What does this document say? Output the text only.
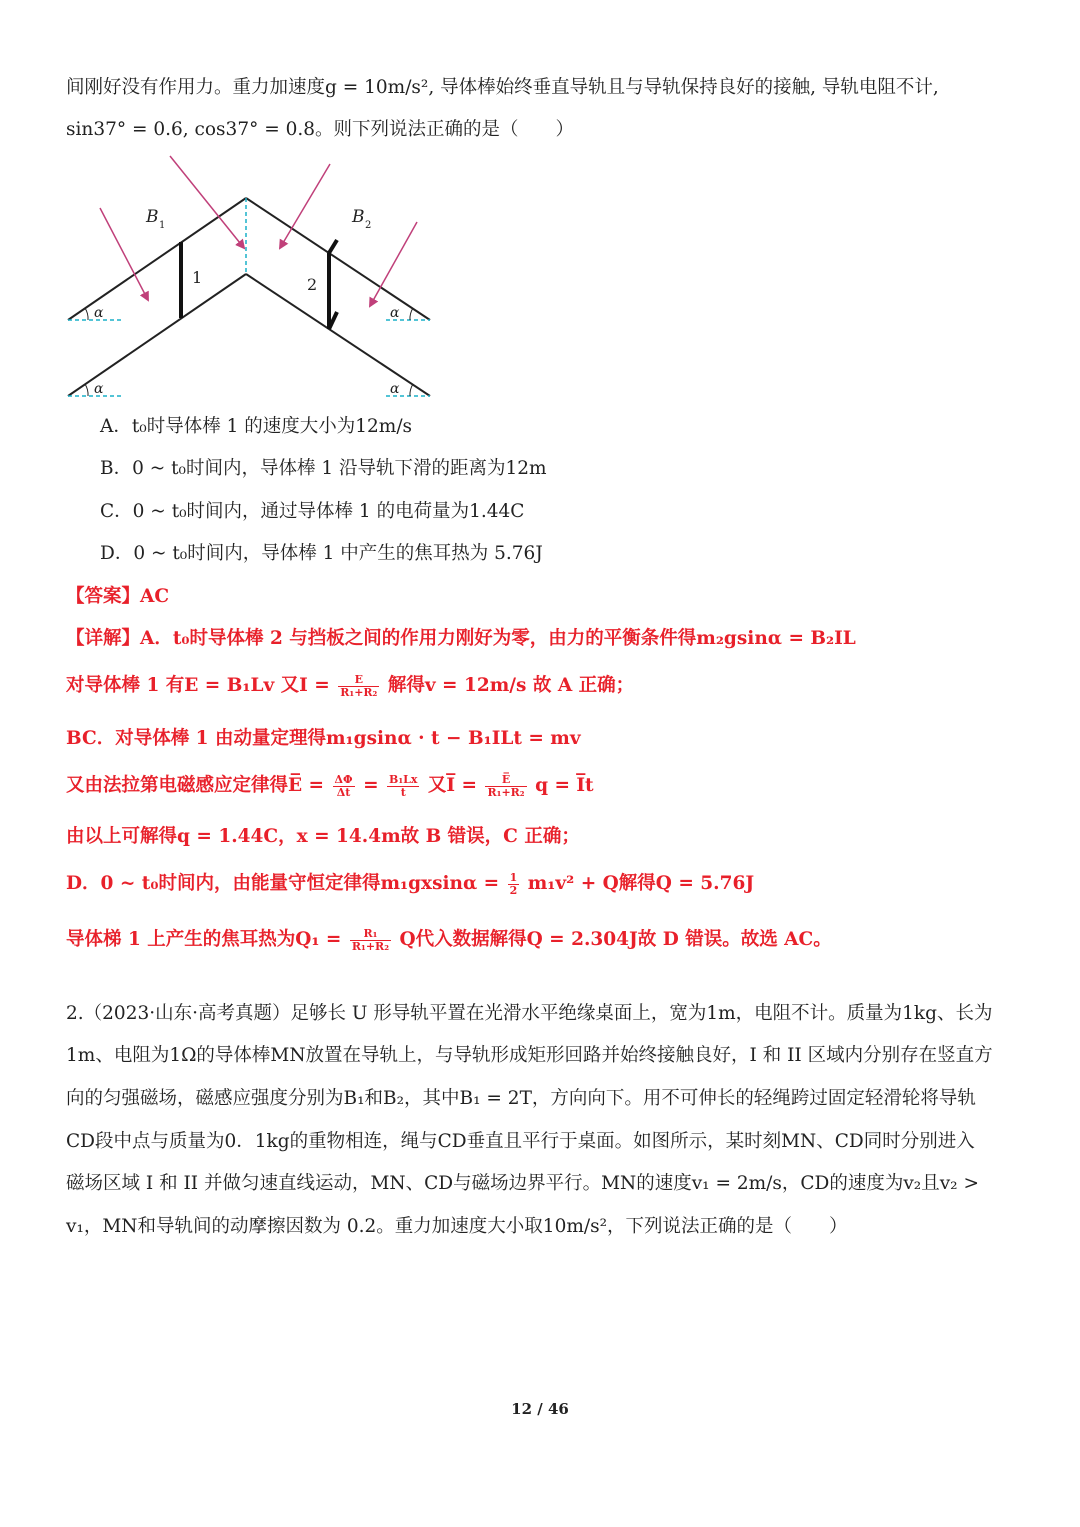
间刚好没有作用力。重力加速度g = 10m/s², 导体棒始终垂直导轨且与导轨保持良好的接触, 导轨电阻不计,
sin37° = 0.6, cos37° = 0.8。则下列说法正确的是（　　）
α	α
α	α
1	2
B 1	B 2
A．t₀时导体棒 1 的速度大小为12m/s
B．0 ~ t₀时间内，导体棒 1 沿导轨下滑的距离为12m
C．0 ~ t₀时间内，通过导体棒 1 的电荷量为1.44C
D．0 ~ t₀时间内，导体棒 1 中产生的焦耳热为 5.76J
【答案】AC
【详解】A．t₀时导体棒 2 与挡板之间的作用力刚好为零，由力的平衡条件得m₂gsinα = B₂IL
对导体棒 1 有E = B₁Lv 又$I = \frac{E}{\text{R₁+R₂}}$ 解得v = 12m/s 故 A 正确；
BC．对导体棒 1 由动量定理得m₁gsinα · t − B₁ILt = mv
又由法拉第电磁感应定律得E̅ = $\frac{\Delta\Phi}{\Delta t} = \frac{\text{B₁Lx}}{t}$ 又I̅ = $\frac{E̅}{\text{R₁+R₂}}$ q = I̅t
由以上可解得q = 1.44C，x = 14.4m故 B 错误，C 正确；
D．0 ~ t₀时间内，由能量守恒定律得$m_1gxsin\alpha = \frac{1}{2} m_1v^2 + Q$解得Q = 5.76J
导体梯 1 上产生的焦耳热为$Q_1 = \frac{\text{R₁}}{\text{R₁+R₂}}$ Q代入数据解得Q = 2.304J故 D 错误。故选 AC。
2.（2023·山东·高考真题）足够长 U 形导轨平置在光滑水平绝缘桌面上，宽为1m，电阻不计。质量为1kg、长为
1m、电阻为1Ω的导体棒MN放置在导轨上，与导轨形成矩形回路并始终接触良好，I 和 II 区域内分别存在竖直方
向的匀强磁场，磁感应强度分别为B₁和B₂，其中B₁ = 2T，方向向下。用不可伸长的轻绳跨过固定轻滑轮将导轨
CD段中点与质量为0．1kg的重物相连，绳与CD垂直且平行于桌面。如图所示，某时刻MN、CD同时分别进入
磁场区域 I 和 II 并做匀速直线运动，MN、CD与磁场边界平行。MN的速度v₁ = 2m/s，CD的速度为v₂且v₂ >
v₁，MN和导轨间的动摩擦因数为 0.2。重力加速度大小取10m/s²，下列说法正确的是（　　）
12 / 46
